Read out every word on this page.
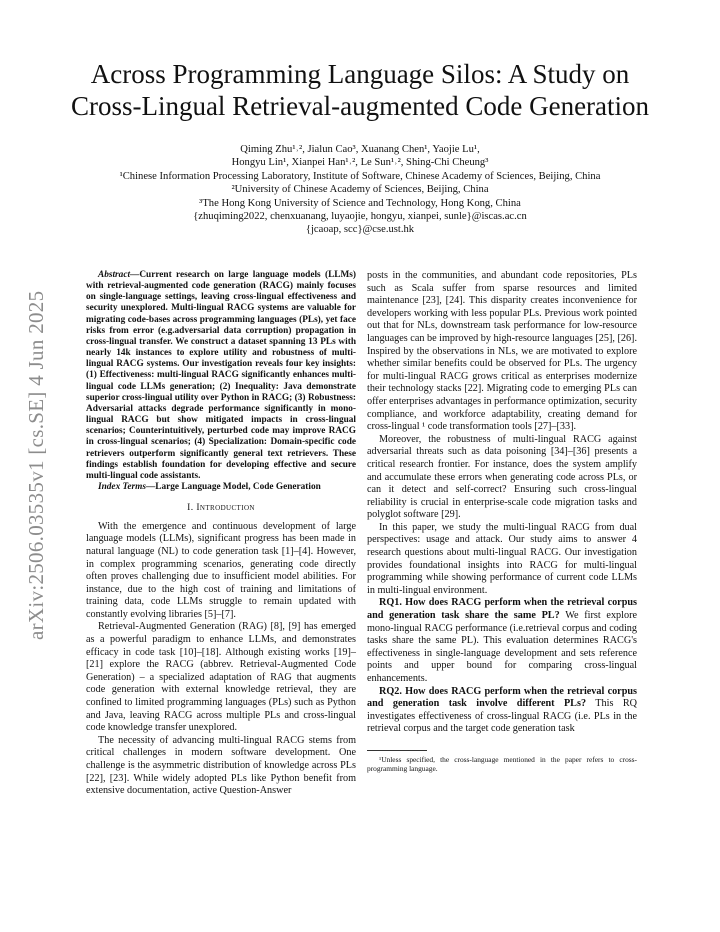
arXiv:2506.03535v1 [cs.SE] 4 Jun 2025
Across Programming Language Silos: A Study on
Cross-Lingual Retrieval-augmented Code Generation
Qiming Zhu¹˒², Jialun Cao³, Xuanang Chen¹, Yaojie Lu¹,
Hongyu Lin¹, Xianpei Han¹˒², Le Sun¹˒², Shing-Chi Cheung³
¹Chinese Information Processing Laboratory, Institute of Software, Chinese Academy of Sciences, Beijing, China
²University of Chinese Academy of Sciences, Beijing, China
³The Hong Kong University of Science and Technology, Hong Kong, China
{zhuqiming2022, chenxuanang, luyaojie, hongyu, xianpei, sunle}@iscas.ac.cn
{jcaoap, scc}@cse.ust.hk
Abstract—Current research on large language models (LLMs) with retrieval-augmented code generation (RACG) mainly focuses on single-language settings, leaving cross-lingual effectiveness and security unexplored. Multi-lingual RACG systems are valuable for migrating code-bases across programming languages (PLs), yet face risks from error (e.g.adversarial data corruption) propagation in cross-lingual transfer. We construct a dataset spanning 13 PLs with nearly 14k instances to explore utility and robustness of multi-lingual RACG systems. Our investigation reveals four key insights: (1) Effectiveness: multi-lingual RACG significantly enhances multi-lingual code LLMs generation; (2) Inequality: Java demonstrate superior cross-lingual utility over Python in RACG; (3) Robustness: Adversarial attacks degrade performance significantly in mono-lingual RACG but show mitigated impacts in cross-lingual scenarios; Counterintuitively, perturbed code may improve RACG in cross-lingual scenarios; (4) Specialization: Domain-specific code retrievers outperform significantly general text retrievers. These findings establish foundation for developing effective and secure multi-lingual code assistants.
Index Terms—Large Language Model, Code Generation
I. Introduction

With the emergence and continuous development of large language models (LLMs), significant progress has been made in natural language (NL) to code generation task [1]–[4]. However, in complex programming scenarios, generating code directly often proves challenging due to insufficient model abilities. For instance, due to the high cost of training and limitations of training data, code LLMs struggle to remain updated with constantly evolving libraries [5]–[7].

Retrieval-Augmented Generation (RAG) [8], [9] has emerged as a powerful paradigm to enhance LLMs, and demonstrates efficacy in code task [10]–[18]. Although existing works [19]–[21] explore the RACG (abbrev. Retrieval-Augmented Code Generation) – a specialized adaptation of RAG that augments code generation with external knowledge retrieval, they are confined to limited programming languages (PLs) such as Python and Java, leaving RACG across multiple PLs and cross-lingual code knowledge transfer unexplored.

The necessity of advancing multi-lingual RACG stems from critical challenges in modern software development. One challenge is the asymmetric distribution of knowledge across PLs [22], [23]. While widely adopted PLs like Python benefit from extensive documentation, active Question-Answer

posts in the communities, and abundant code repositories, PLs such as Scala suffer from sparse resources and limited maintenance [23], [24]. This disparity creates inconvenience for developers working with less popular PLs. Previous work pointed out that for NLs, downstream task performance for low-resource languages can be improved by high-resource languages [25], [26]. Inspired by the observations in NLs, we are motivated to explore whether similar benefits could be observed for PLs. The urgency for multi-lingual RACG grows critical as enterprises modernize their technology stacks [22]. Migrating code to emerging PLs can offer enterprises advantages in performance optimization, security compliance, and workforce adaptability, creating demand for cross-lingual ¹ code transformation tools [27]–[33].

Moreover, the robustness of multi-lingual RACG against adversarial threats such as data poisoning [34]–[36] presents a critical research frontier. For instance, does the system amplify and accumulate these errors when generating code across PLs, or can it detect and self-correct? Ensuring such cross-lingual reliability is crucial in enterprise-scale code migration tasks and polyglot software [29].

In this paper, we study the multi-lingual RACG from dual perspectives: usage and attack. Our study aims to answer 4 research questions about multi-lingual RACG. Our investigation provides foundational insights into RACG for multi-lingual programming while showing performance of current code LLMs in multi-lingual environment.

RQ1. How does RACG perform when the retrieval corpus and generation task share the same PL? We first explore mono-lingual RACG performance (i.e.retrieval corpus and coding tasks share the same PL). This evaluation determines RACG's effectiveness in single-language development and sets reference points and upper bound for comparing cross-lingual enhancements.

RQ2. How does RACG perform when the retrieval corpus and generation task involve different PLs? This RQ investigates effectiveness of cross-lingual RACG (i.e. PLs in the retrieval corpus and the target code generation task

¹Unless specified, the cross-language mentioned in the paper refers to cross-programming language.
